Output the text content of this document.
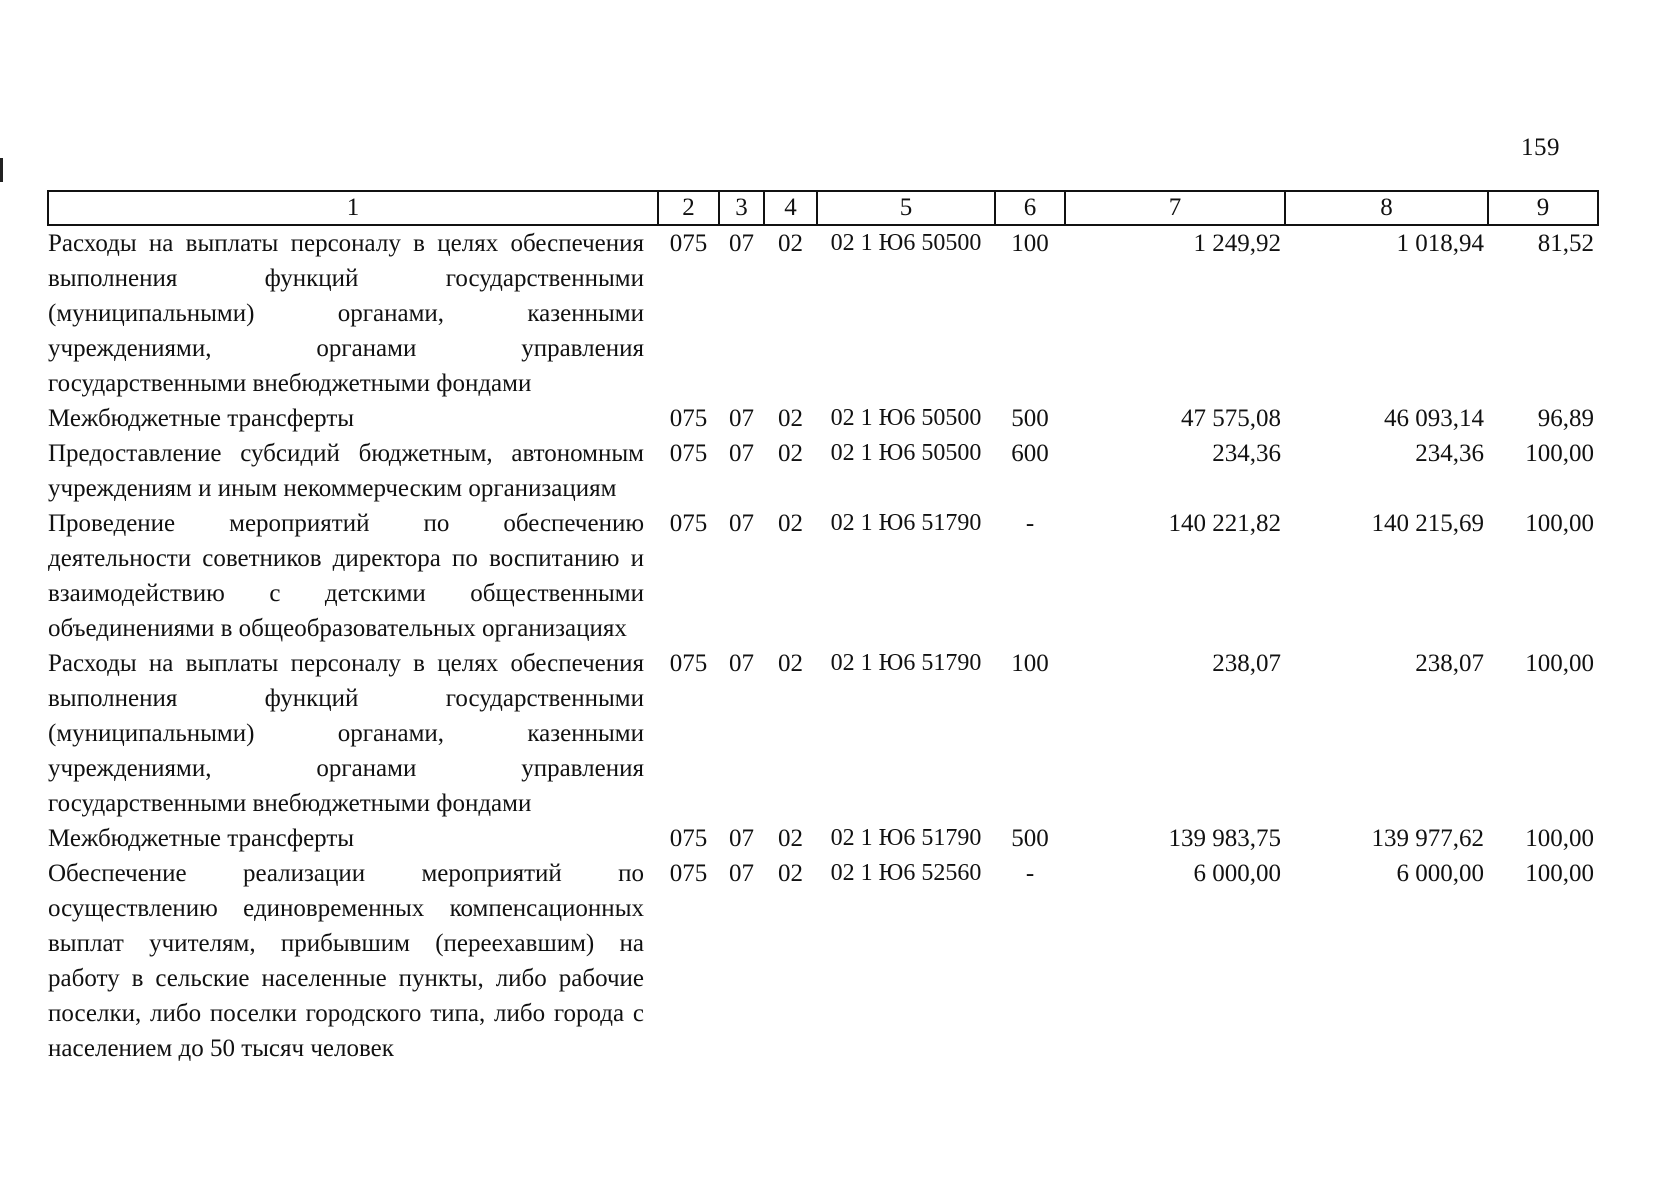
159
1	2	3	4	5	6	7	8	9
Расходы на выплаты персоналу в целях обеспечения выполнения функций государственными (муниципальными) органами, казенными учреждениями, органами управления государственными внебюджетными фондами	075	07	02	02 1 Ю6 50500	100	1 249,92	1 018,94	81,52
Межбюджетные трансферты	075	07	02	02 1 Ю6 50500	500	47 575,08	46 093,14	96,89
Предоставление субсидий бюджетным, автономным учреждениям и иным некоммерческим организациям	075	07	02	02 1 Ю6 50500	600	234,36	234,36	100,00
Проведение мероприятий по обеспечению деятельности советников директора по воспитанию и взаимодействию с детскими общественными объединениями в общеобразовательных организациях	075	07	02	02 1 Ю6 51790	-	140 221,82	140 215,69	100,00
Расходы на выплаты персоналу в целях обеспечения выполнения функций государственными (муниципальными) органами, казенными учреждениями, органами управления государственными внебюджетными фондами	075	07	02	02 1 Ю6 51790	100	238,07	238,07	100,00
Межбюджетные трансферты	075	07	02	02 1 Ю6 51790	500	139 983,75	139 977,62	100,00
Обеспечение реализации мероприятий по осуществлению единовременных компенсационных выплат учителям, прибывшим (переехавшим) на работу в сельские населенные пункты, либо рабочие поселки, либо поселки городского типа, либо города с населением до 50 тысяч человек	075	07	02	02 1 Ю6 52560	-	6 000,00	6 000,00	100,00
